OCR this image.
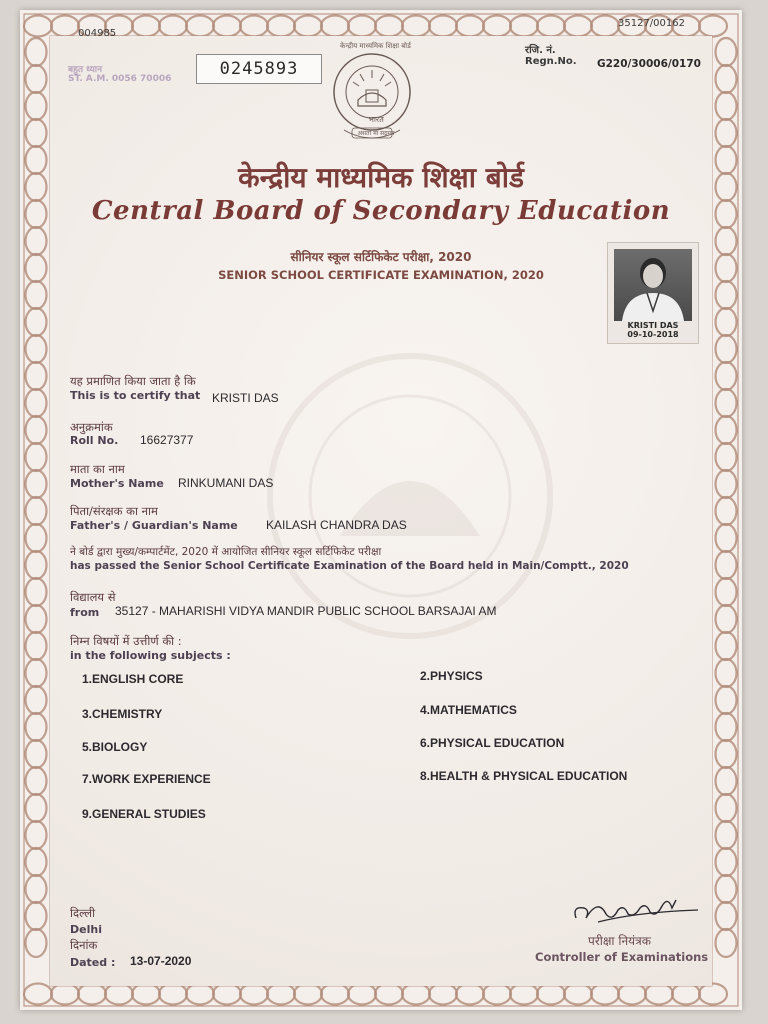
004985
35127/00162
बहुत ध्यान
ST. A.M. 0056 70006	0245893
रजि. नं.
Regn.No. G220/30006/0170
केन्द्रीय माध्यमिक शिक्षा बोर्ड
भारत
असतो मा सद्गमय
केन्द्रीय माध्यमिक शिक्षा बोर्ड
Central Board of Secondary Education
सीनियर स्कूल सर्टिफिकेट परीक्षा, 2020
SENIOR SCHOOL CERTIFICATE EXAMINATION, 2020
KRISTI DAS
09-10-2018
यह प्रमाणित किया जाता है कि
This is to certify that KRISTI DAS
अनुक्रमांक
Roll No. 16627377
माता का नाम
Mother's Name RINKUMANI DAS
पिता/संरक्षक का नाम
Father's / Guardian's Name KAILASH CHANDRA DAS
ने बोर्ड द्वारा मुख्य/कम्पार्टमेंट, 2020 में आयोजित सीनियर स्कूल सर्टिफिकेट परीक्षा
has passed the Senior School Certificate Examination of the Board held in Main/Comptt., 2020
विद्यालय से
from 35127 - MAHARISHI VIDYA MANDIR PUBLIC SCHOOL BARSAJAI AM
निम्न विषयों में उत्तीर्ण की :
in the following subjects :
1.ENGLISH CORE	2.PHYSICS
3.CHEMISTRY	4.MATHEMATICS
5.BIOLOGY	6.PHYSICAL EDUCATION
7.WORK EXPERIENCE	8.HEALTH & PHYSICAL EDUCATION
9.GENERAL STUDIES
दिल्ली
Delhi
दिनांक
Dated : 13-07-2020
परीक्षा नियंत्रक
Controller of Examinations
